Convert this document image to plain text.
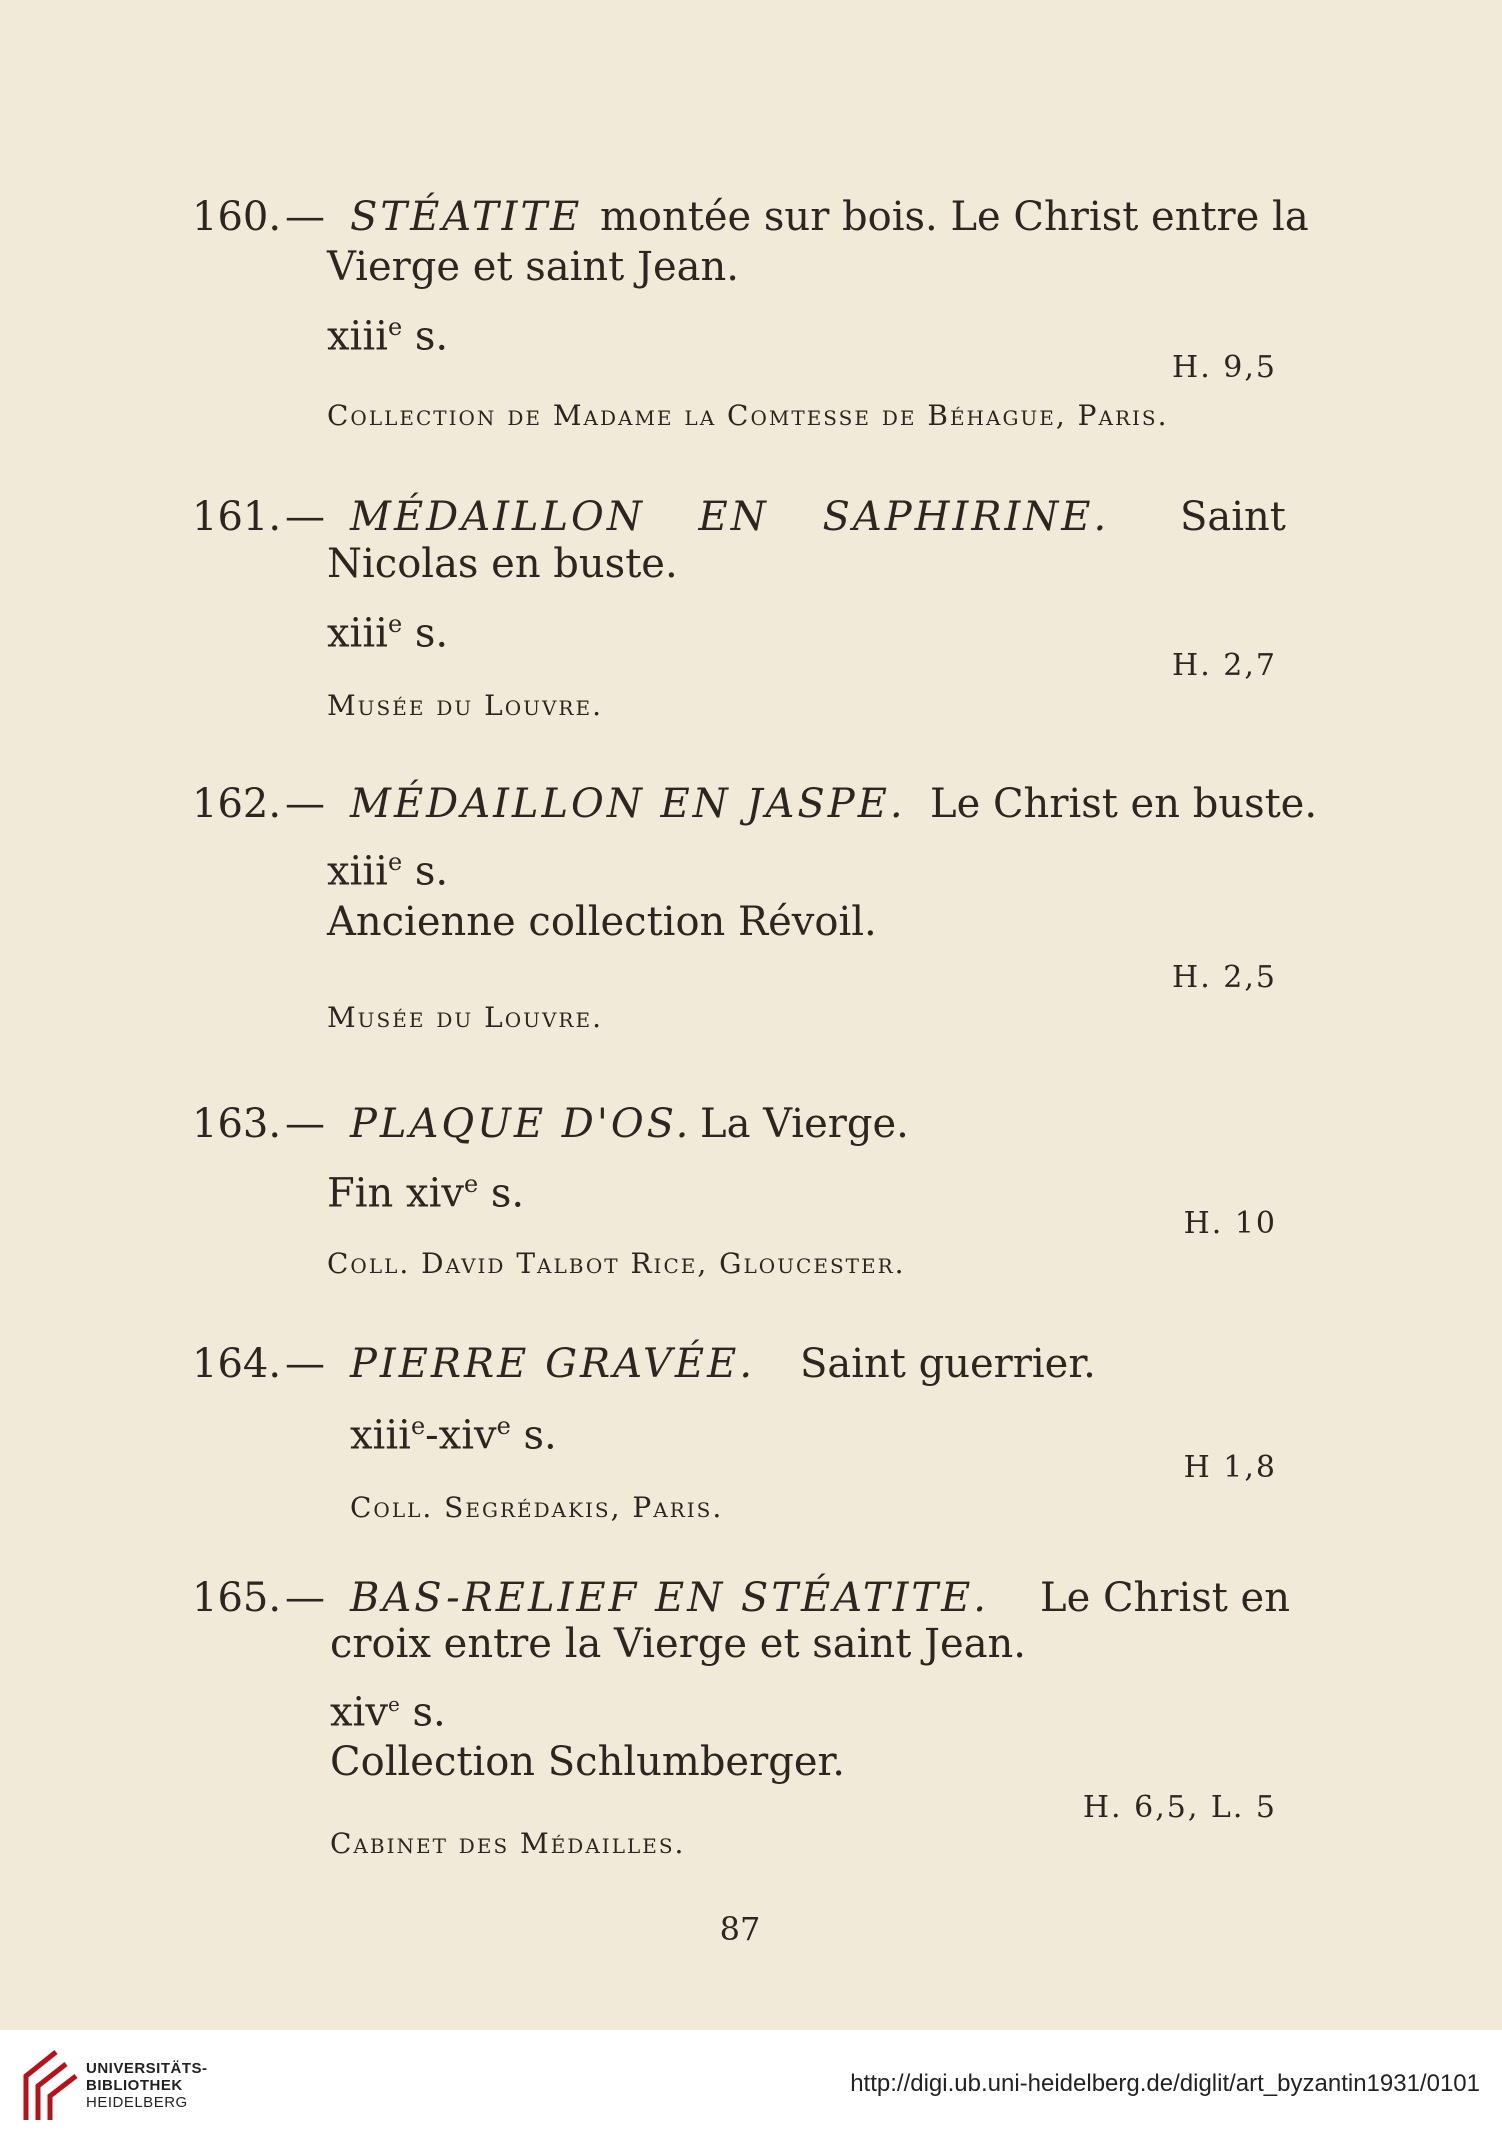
160. — STÉATITE montée sur bois. Le Christ entre la
Vierge et saint Jean.
xiii$^e$ s.
H. 9,5
Collection de Madame la Comtesse de Béhague, Paris.
161. — MÉDAILLON EN SAPHIRINE. Saint
Nicolas en buste.
xiii$^e$ s.
H. 2,7
Musée du Louvre.
162. — MÉDAILLON EN JASPE. Le Christ en buste.
xiii$^e$ s.
Ancienne collection Révoil.
H. 2,5
Musée du Louvre.
163. — PLAQUE D'OS. La Vierge.
Fin xiv$^e$ s.
H. 10
Coll. David Talbot Rice, Gloucester.
164. — PIERRE GRAVÉE. Saint guerrier.
xiii$^e$-xiv$^e$ s.
H 1,8
Coll. Segrédakis, Paris.
165. — BAS-RELIEF EN STÉATITE. Le Christ en
croix entre la Vierge et saint Jean.
xiv$^e$ s.
Collection Schlumberger.
H. 6,5, L. 5
Cabinet des Médailles.
87
UNIVERSITÄTS-
BIBLIOTHEK
HEIDELBERG
http://digi.ub.uni-heidelberg.de/diglit/art_byzantin1931/0101
